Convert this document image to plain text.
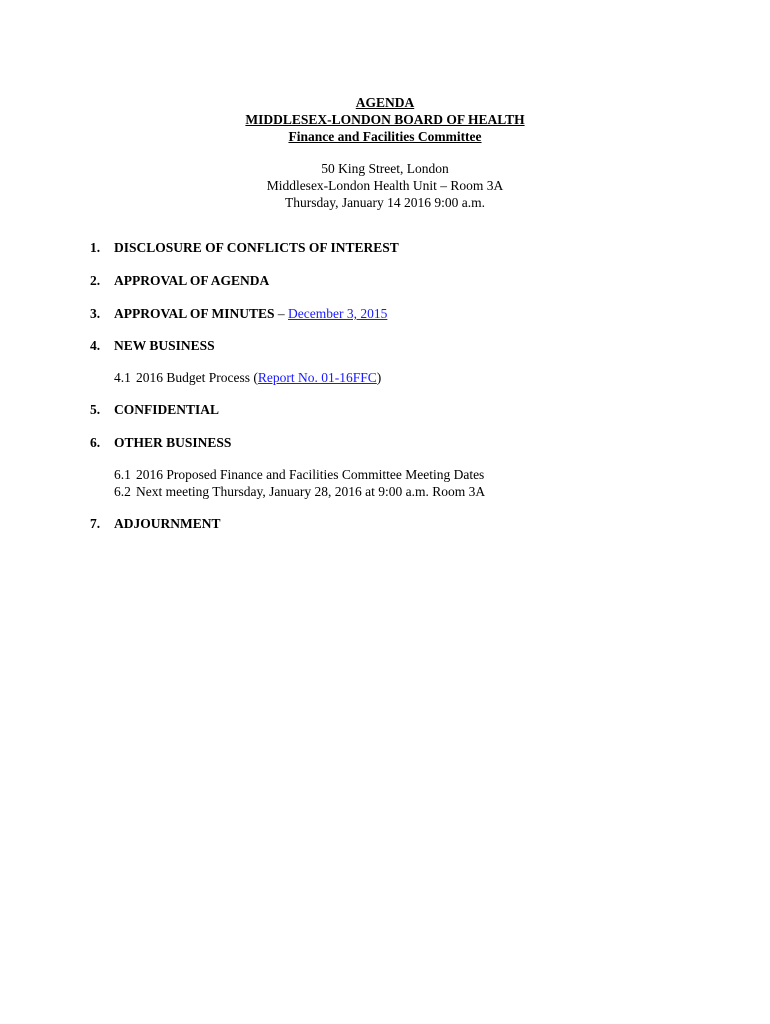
AGENDA
MIDDLESEX-LONDON BOARD OF HEALTH
Finance and Facilities Committee
50 King Street, London
Middlesex-London Health Unit – Room 3A
Thursday, January 14 2016 9:00 a.m.
1. DISCLOSURE OF CONFLICTS OF INTEREST
2. APPROVAL OF AGENDA
3. APPROVAL OF MINUTES – December 3, 2015
4. NEW BUSINESS
4.1 2016 Budget Process (Report No. 01-16FFC)
5. CONFIDENTIAL
6. OTHER BUSINESS
6.1 2016 Proposed Finance and Facilities Committee Meeting Dates
6.2 Next meeting Thursday, January 28, 2016 at 9:00 a.m. Room 3A
7. ADJOURNMENT
